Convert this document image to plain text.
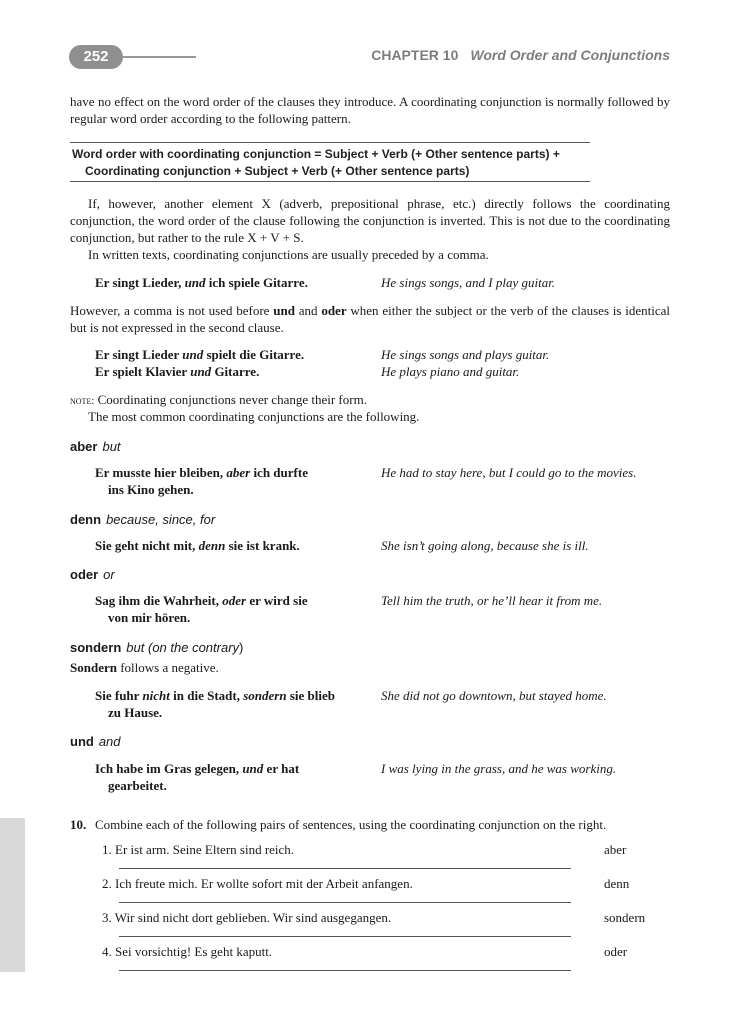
252	CHAPTER 10 Word Order and Conjunctions

have no effect on the word order of the clauses they introduce. A coordinating conjunction is normally followed by regular word order according to the following pattern.

Word order with coordinating conjunction = Subject + Verb (+ Other sentence parts) +
Coordinating conjunction + Subject + Verb (+ Other sentence parts)

If, however, another element X (adverb, prepositional phrase, etc.) directly follows the coordinating conjunction, the word order of the clause following the conjunction is inverted. This is not due to the coordinating conjunction, but rather to the rule X + V + S.

In written texts, coordinating conjunctions are usually preceded by a comma.

Er singt Lieder, und ich spiele Gitarre.	He sings songs, and I play guitar.

However, a comma is not used before und and oder when either the subject or the verb of the clauses is identical but is not expressed in the second clause.

Er singt Lieder und spielt die Gitarre.	He sings songs and plays guitar.
Er spielt Klavier und Gitarre.	He plays piano and guitar.
note: Coordinating conjunctions never change their form.
The most common coordinating conjunctions are the following.
aber but
Er musste hier bleiben, aber ich durfte
ins Kino gehen.
He had to stay here, but I could go to the movies.
denn because, since, for
Sie geht nicht mit, denn sie ist krank.	She isn’t going along, because she is ill.
oder or
Sag ihm die Wahrheit, oder er wird sie
von mir hören.
Tell him the truth, or he’ll hear it from me.
sondern but (on the contrary)
Sondern follows a negative.
Sie fuhr nicht in die Stadt, sondern sie blieb
zu Hause.
She did not go downtown, but stayed home.
und and
Ich habe im Gras gelegen, und er hat
gearbeitet.
I was lying in the grass, and he was working.
10. Combine each of the following pairs of sentences, using the coordinating conjunction on the right.
1. Er ist arm. Seine Eltern sind reich.	aber
2. Ich freute mich. Er wollte sofort mit der Arbeit anfangen.	denn
3. Wir sind nicht dort geblieben. Wir sind ausgegangen.	sondern
4. Sei vorsichtig! Es geht kaputt.	oder
